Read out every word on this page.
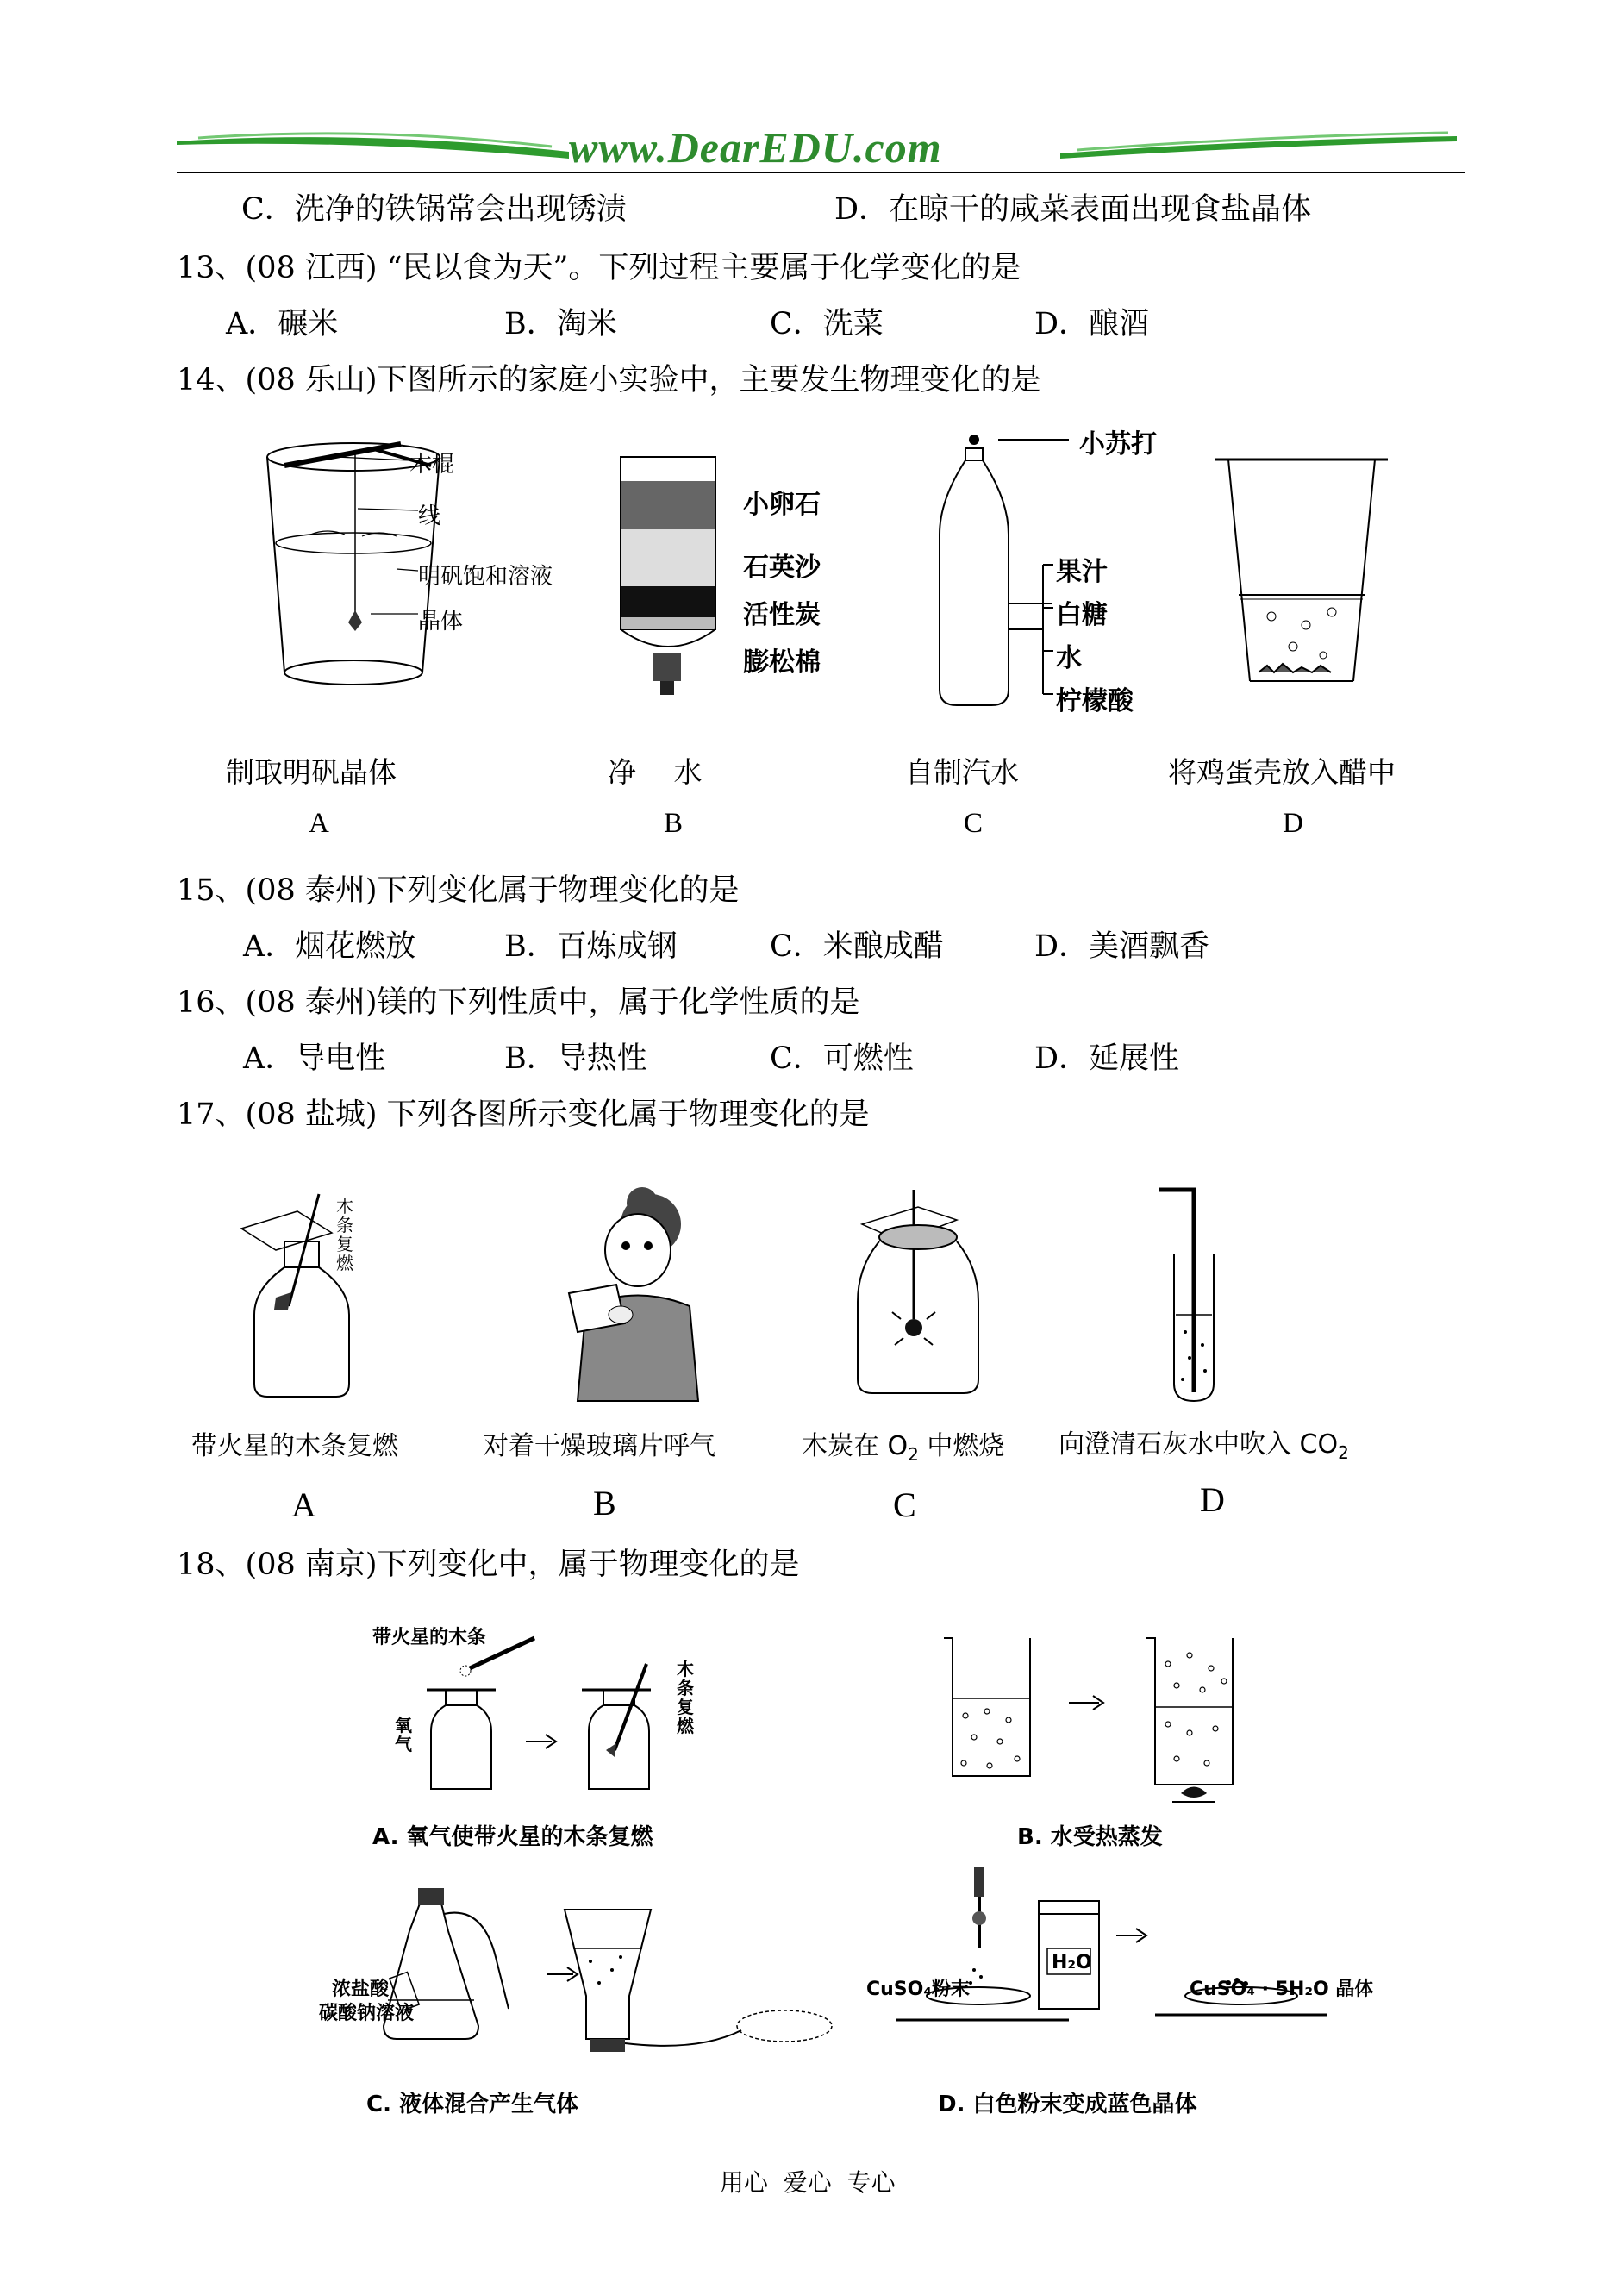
www.DearEDU.com
C．洗净的铁锅常会出现锈渍	D．在晾干的咸菜表面出现食盐晶体
13、(08 江西) “民以食为天”。下列过程主要属于化学变化的是
A．碾米	B．淘米	C．洗菜	D．酿酒
14、(08 乐山)下图所示的家庭小实验中，主要发生物理变化的是
木棍
线
明矾饱和溶液
晶体
小卵石
石英沙
活性炭
膨松棉
小苏打
果汁
白糖
水
柠檬酸
制取明矾晶体	净　 水	自制汽水	将鸡蛋壳放入醋中
A	B	C	D
15、(08 泰州)下列变化属于物理变化的是
A．烟花燃放	B．百炼成钢	C．米酿成醋	D．美酒飘香
16、(08 泰州)镁的下列性质中，属于化学性质的是
A．导电性	B．导热性	C．可燃性	D．延展性
17、(08 盐城) 下列各图所示变化属于物理变化的是
木条复燃
带火星的木条复燃	对着干燥玻璃片呼气	木炭在 $O_2$ 中燃烧 向澄清石灰水中吹入 $CO_2$
A	B	C	D
18、(08 南京)下列变化中，属于物理变化的是
带火星的木条
氧气
木条复燃
A. 氧气使带火星的木条复燃	B. 水受热蒸发
浓盐酸
碳酸钠溶液
C. 液体混合产生气体
CuSO₄粉末
H₂O
CuSO₄ · 5H₂O 晶体
D. 白色粉末变成蓝色晶体
用心  爱心  专心
